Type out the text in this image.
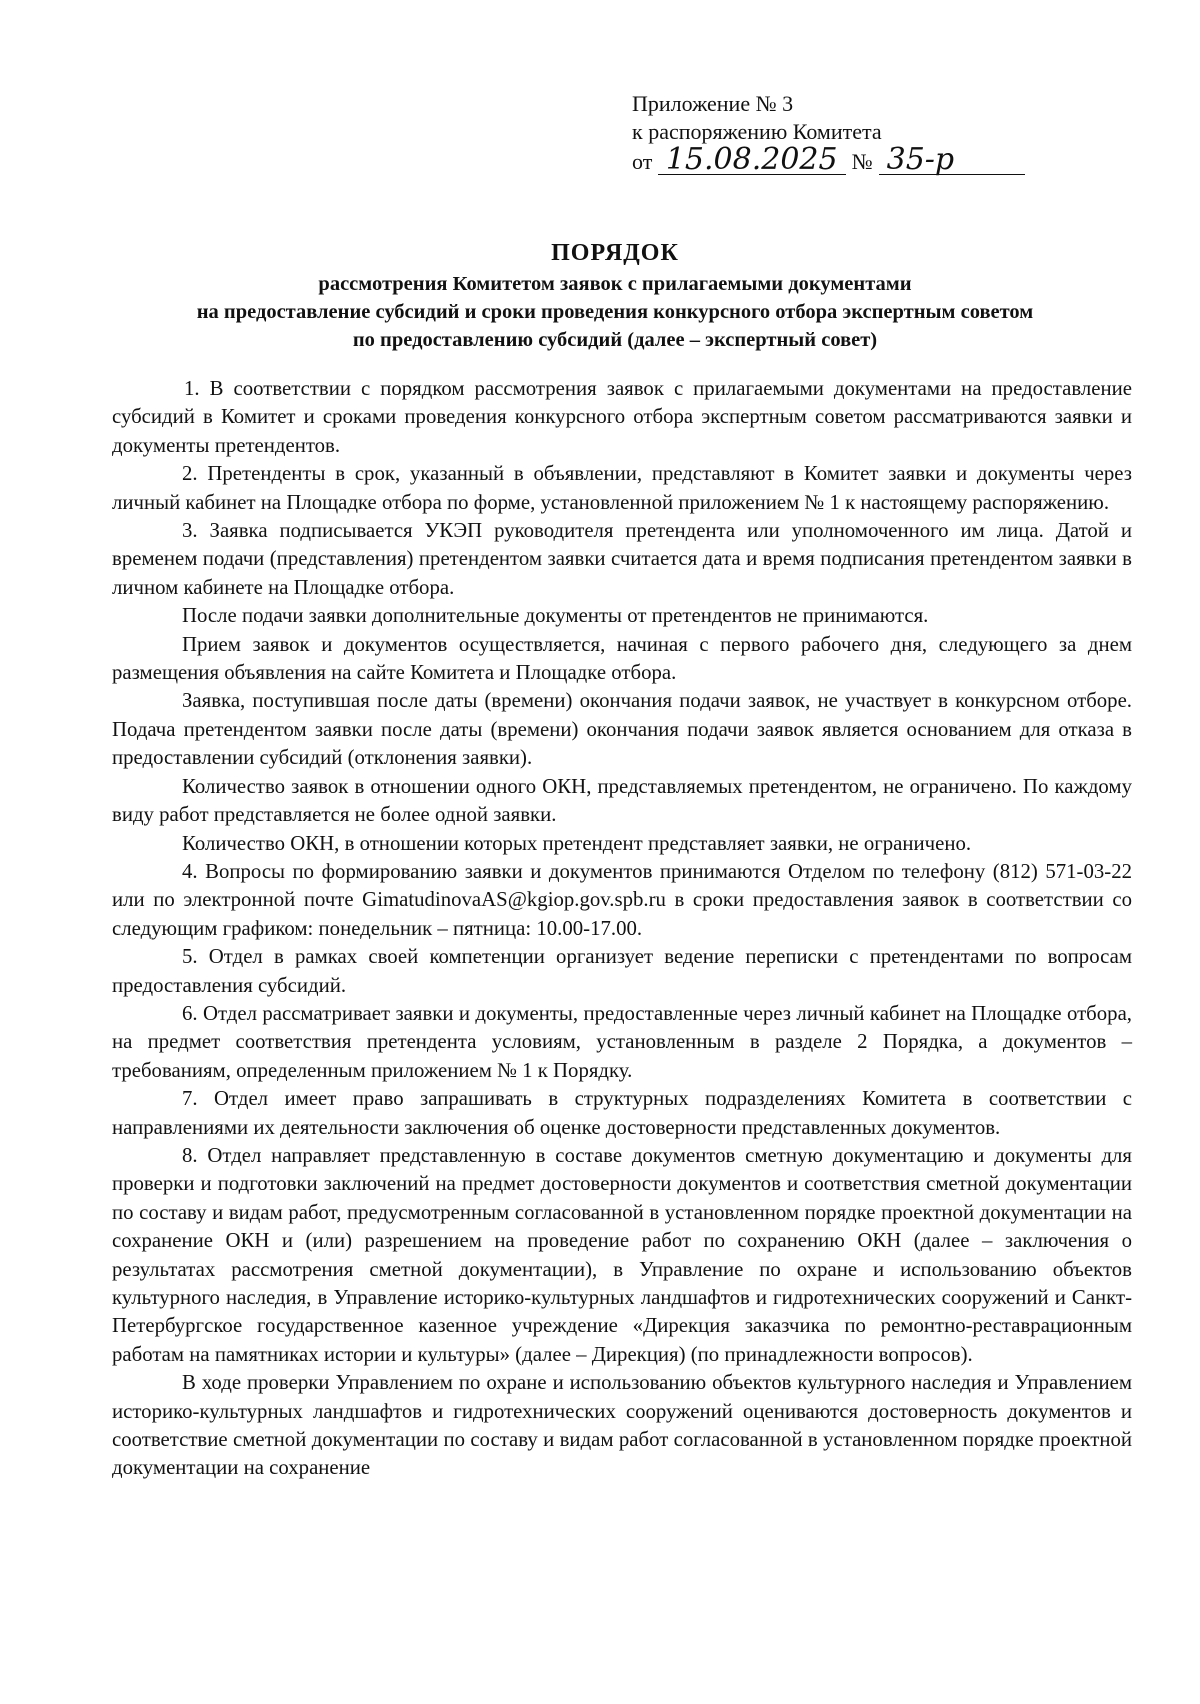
Приложение № 3
к распоряжению Комитета
от 15.08.2025 № 35-р
ПОРЯДОК
рассмотрения Комитетом заявок с прилагаемыми документами
на предоставление субсидий и сроки проведения конкурсного отбора экспертным советом
по предоставлению субсидий (далее – экспертный совет)

1. В соответствии с порядком рассмотрения заявок с прилагаемыми документами на предоставление субсидий в Комитет и сроками проведения конкурсного отбора экспертным советом рассматриваются заявки и документы претендентов.

2. Претенденты в срок, указанный в объявлении, представляют в Комитет заявки и документы через личный кабинет на Площадке отбора по форме, установленной приложением № 1 к настоящему распоряжению.

3. Заявка подписывается УКЭП руководителя претендента или уполномоченного им лица. Датой и временем подачи (представления) претендентом заявки считается дата и время подписания претендентом заявки в личном кабинете на Площадке отбора.

После подачи заявки дополнительные документы от претендентов не принимаются.

Прием заявок и документов осуществляется, начиная с первого рабочего дня, следующего за днем размещения объявления на сайте Комитета и Площадке отбора.

Заявка, поступившая после даты (времени) окончания подачи заявок, не участвует в конкурсном отборе. Подача претендентом заявки после даты (времени) окончания подачи заявок является основанием для отказа в предоставлении субсидий (отклонения заявки).

Количество заявок в отношении одного ОКН, представляемых претендентом, не ограничено. По каждому виду работ представляется не более одной заявки.

Количество ОКН, в отношении которых претендент представляет заявки, не ограничено.

4. Вопросы по формированию заявки и документов принимаются Отделом по телефону (812) 571-03-22 или по электронной почте GimatudinovaAS@kgiop.gov.spb.ru в сроки предоставления заявок в соответствии со следующим графиком: понедельник – пятница: 10.00-17.00.

5. Отдел в рамках своей компетенции организует ведение переписки с претендентами по вопросам предоставления субсидий.

6. Отдел рассматривает заявки и документы, предоставленные через личный кабинет на Площадке отбора, на предмет соответствия претендента условиям, установленным в разделе 2 Порядка, а документов – требованиям, определенным приложением № 1 к Порядку.

7. Отдел имеет право запрашивать в структурных подразделениях Комитета в соответствии с направлениями их деятельности заключения об оценке достоверности представленных документов.

8. Отдел направляет представленную в составе документов сметную документацию и документы для проверки и подготовки заключений на предмет достоверности документов и соответствия сметной документации по составу и видам работ, предусмотренным согласованной в установленном порядке проектной документации на сохранение ОКН и (или) разрешением на проведение работ по сохранению ОКН (далее – заключения о результатах рассмотрения сметной документации), в Управление по охране и использованию объектов культурного наследия, в Управление историко-культурных ландшафтов и гидротехнических сооружений и Санкт-Петербургское государственное казенное учреждение «Дирекция заказчика по ремонтно-реставрационным работам на памятниках истории и культуры» (далее – Дирекция) (по принадлежности вопросов).

В ходе проверки Управлением по охране и использованию объектов культурного наследия и Управлением историко-культурных ландшафтов и гидротехнических сооружений оцениваются достоверность документов и соответствие сметной документации по составу и видам работ согласованной в установленном порядке проектной документации на сохранение
